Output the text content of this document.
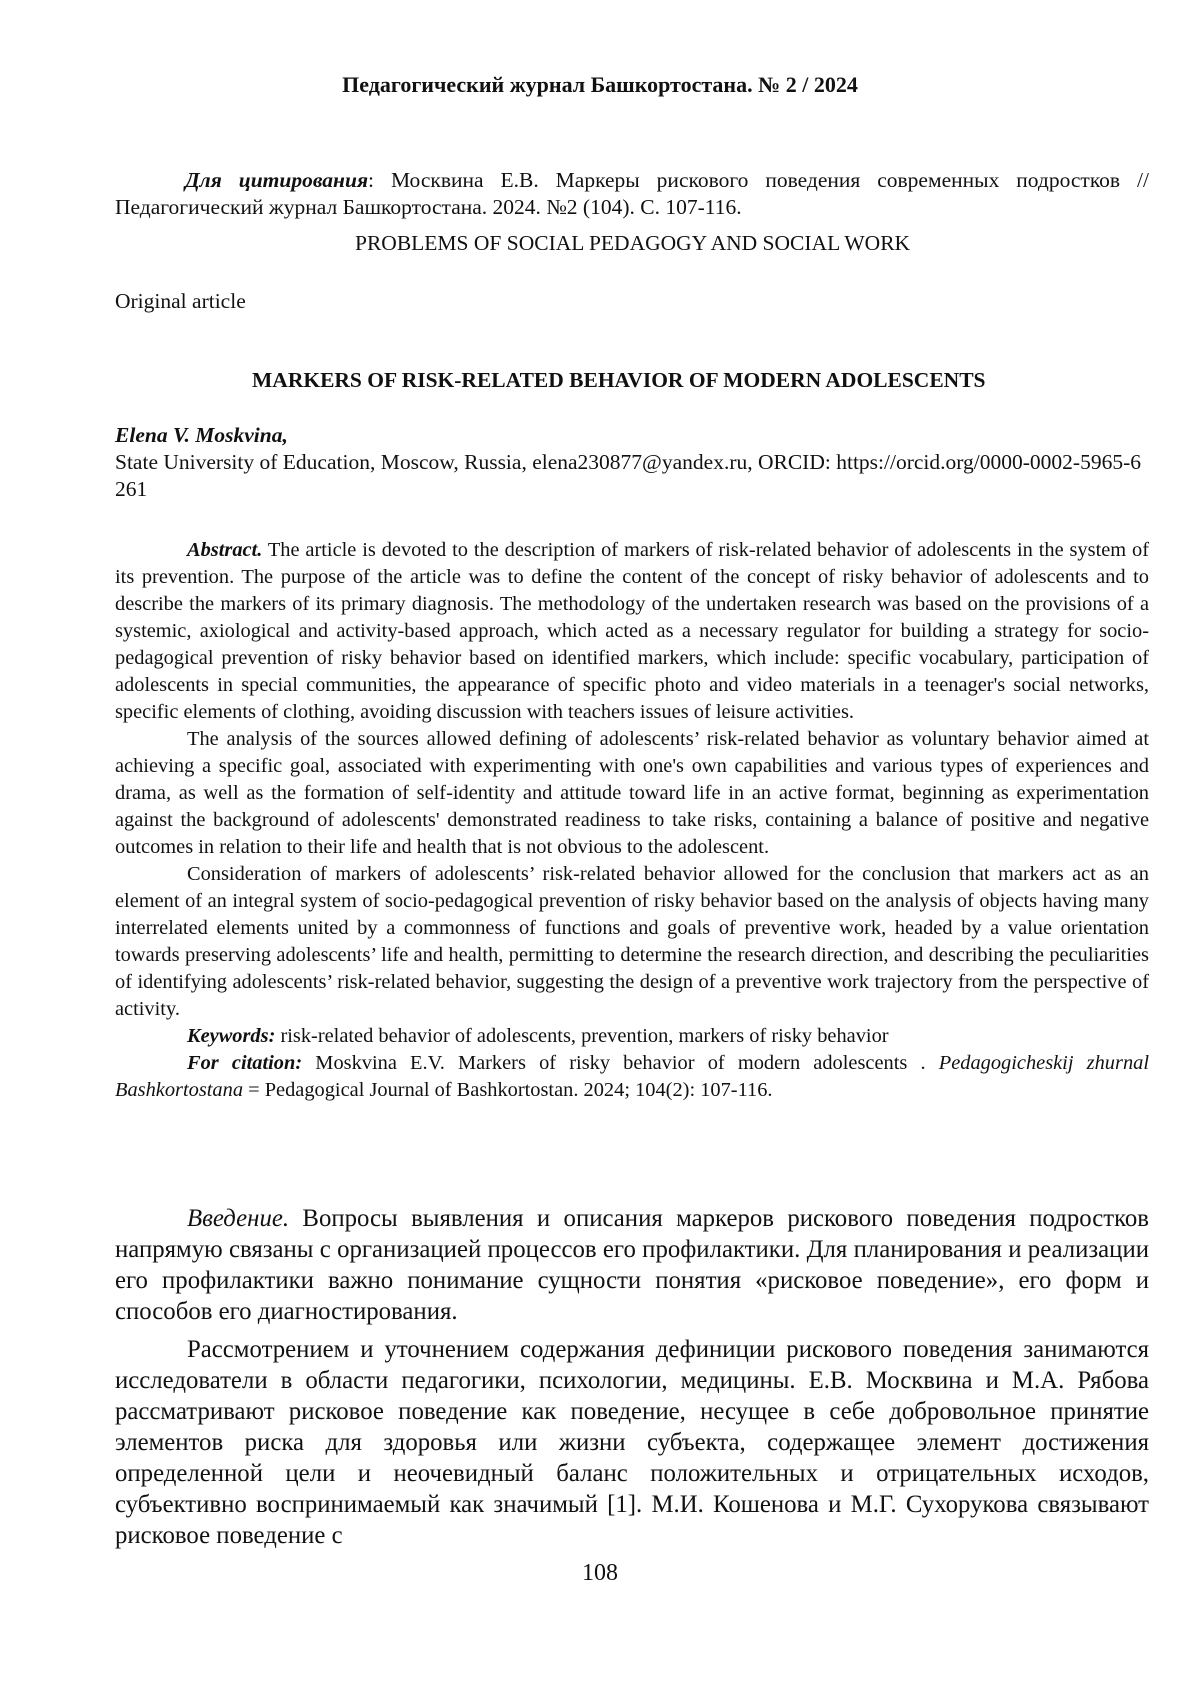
Педагогический журнал Башкортостана. № 2 / 2024

Для цитирования: Москвина Е.В. Маркеры рискового поведения современных подростков // Педагогический журнал Башкортостана. 2024. №2 (104). С. 107-116.

PROBLEMS OF SOCIAL PEDAGOGY AND SOCIAL WORK
Original article
MARKERS OF RISK-RELATED BEHAVIOR OF MODERN ADOLESCENTS
Elena V. Moskvina,

State University of Education, Moscow, Russia, elena230877@yandex.ru, ORCID: https://orcid.org/0000-0002-5965-6261

Abstract. The article is devoted to the description of markers of risk-related behavior of adolescents in the system of its prevention. The purpose of the article was to define the content of the concept of risky behavior of adolescents and to describe the markers of its primary diagnosis. The methodology of the undertaken research was based on the provisions of a systemic, axiological and activity-based approach, which acted as a necessary regulator for building a strategy for socio-pedagogical prevention of risky behavior based on identified markers, which include: specific vocabulary, participation of adolescents in special communities, the appearance of specific photo and video materials in a teenager's social networks, specific elements of clothing, avoiding discussion with teachers issues of leisure activities.

The analysis of the sources allowed defining of adolescents’ risk-related behavior as voluntary behavior aimed at achieving a specific goal, associated with experimenting with one's own capabilities and various types of experiences and drama, as well as the formation of self-identity and attitude toward life in an active format, beginning as experimentation against the background of adolescents' demonstrated readiness to take risks, containing a balance of positive and negative outcomes in relation to their life and health that is not obvious to the adolescent.

Consideration of markers of adolescents’ risk-related behavior allowed for the conclusion that markers act as an element of an integral system of socio-pedagogical prevention of risky behavior based on the analysis of objects having many interrelated elements united by a commonness of functions and goals of preventive work, headed by a value orientation towards preserving adolescents’ life and health, permitting to determine the research direction, and describing the peculiarities of identifying adolescents’ risk-related behavior, suggesting the design of a preventive work trajectory from the perspective of activity.

Keywords: risk-related behavior of adolescents, prevention, markers of risky behavior

For citation: Moskvina E.V. Markers of risky behavior of modern adolescents . Pedagogicheskij zhurnal Bashkortostana = Pedagogical Journal of Bashkortostan. 2024; 104(2): 107-116.

Введение. Вопросы выявления и описания маркеров рискового поведения подростков напрямую связаны с организацией процессов его профилактики. Для планирования и реализации его профилактики важно понимание сущности понятия «рисковое поведение», его форм и способов его диагностирования.

Рассмотрением и уточнением содержания дефиниции рискового поведения занимаются исследователи в области педагогики, психологии, медицины. Е.В. Москвина и М.А. Рябова рассматривают рисковое поведение как поведение, несущее в себе добровольное принятие элементов риска для здоровья или жизни субъекта, содержащее элемент достижения определенной цели и неочевидный баланс положительных и отрицательных исходов, субъективно воспринимаемый как значимый [1]. М.И. Кошенова и М.Г. Сухорукова связывают рисковое поведение с

108
